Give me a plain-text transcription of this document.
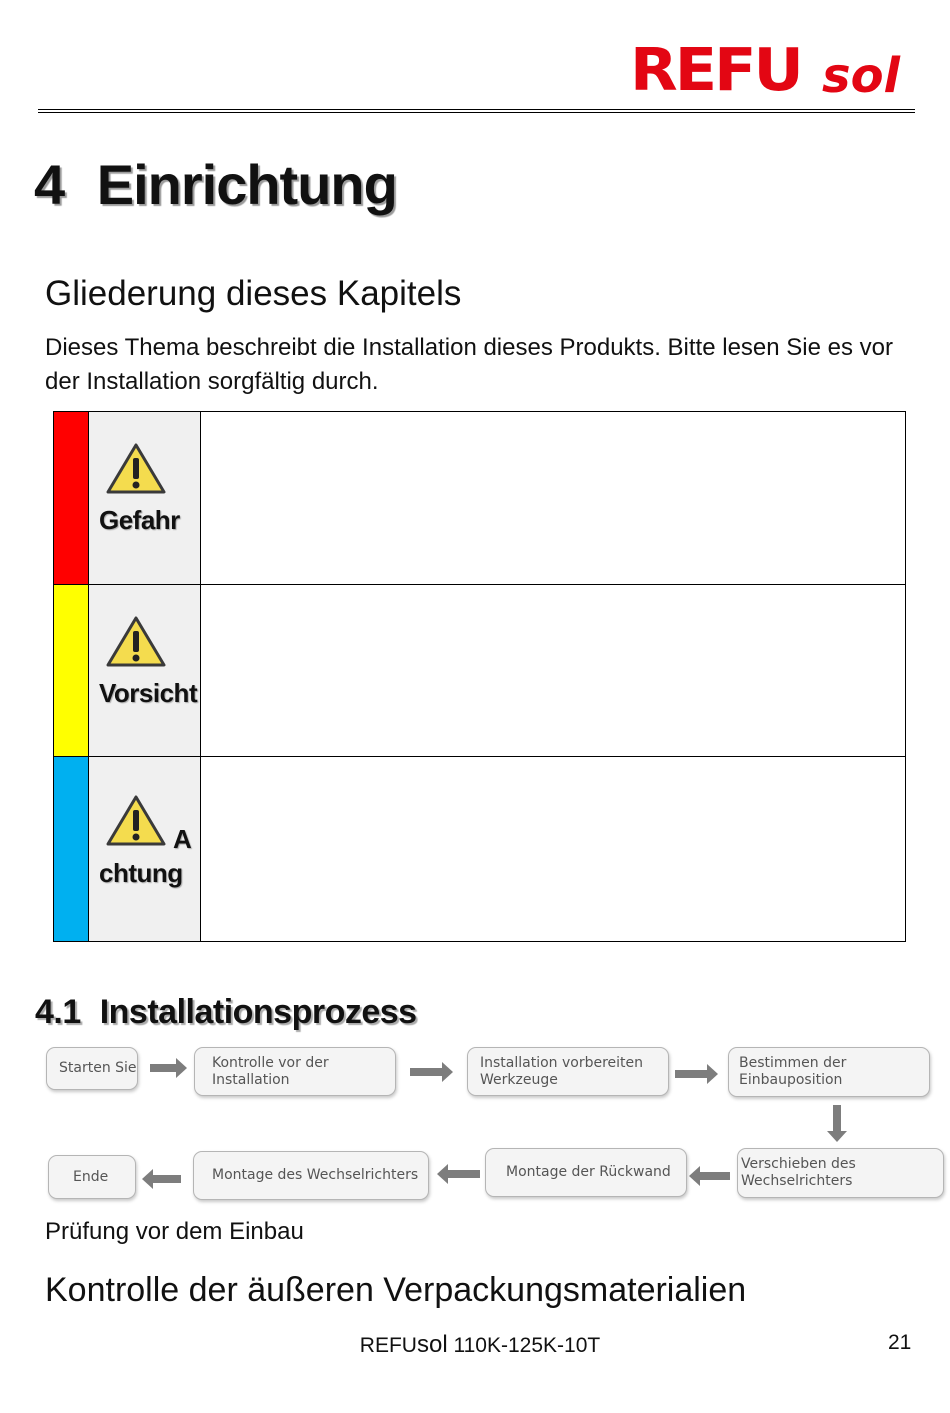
REFU sol
4 Einrichtung
Gliederung dieses Kapitels
Dieses Thema beschreibt die Installation dieses Produkts. Bitte lesen Sie es vor der Installation sorgfältig durch.
Gefahr
Vorsicht
A
chtung
4.1 Installationsprozess
Starten Sie	Kontrolle vor der Installation
Installation vorbereiten
Werkzeuge
Bestimmen der Einbauposition
Verschieben des Wechselrichters
Montage der Rückwand
Montage des Wechselrichters
Ende
Prüfung vor dem Einbau
Kontrolle der äußeren Verpackungsmaterialien
REFUsol 110K-125K-10T	21
